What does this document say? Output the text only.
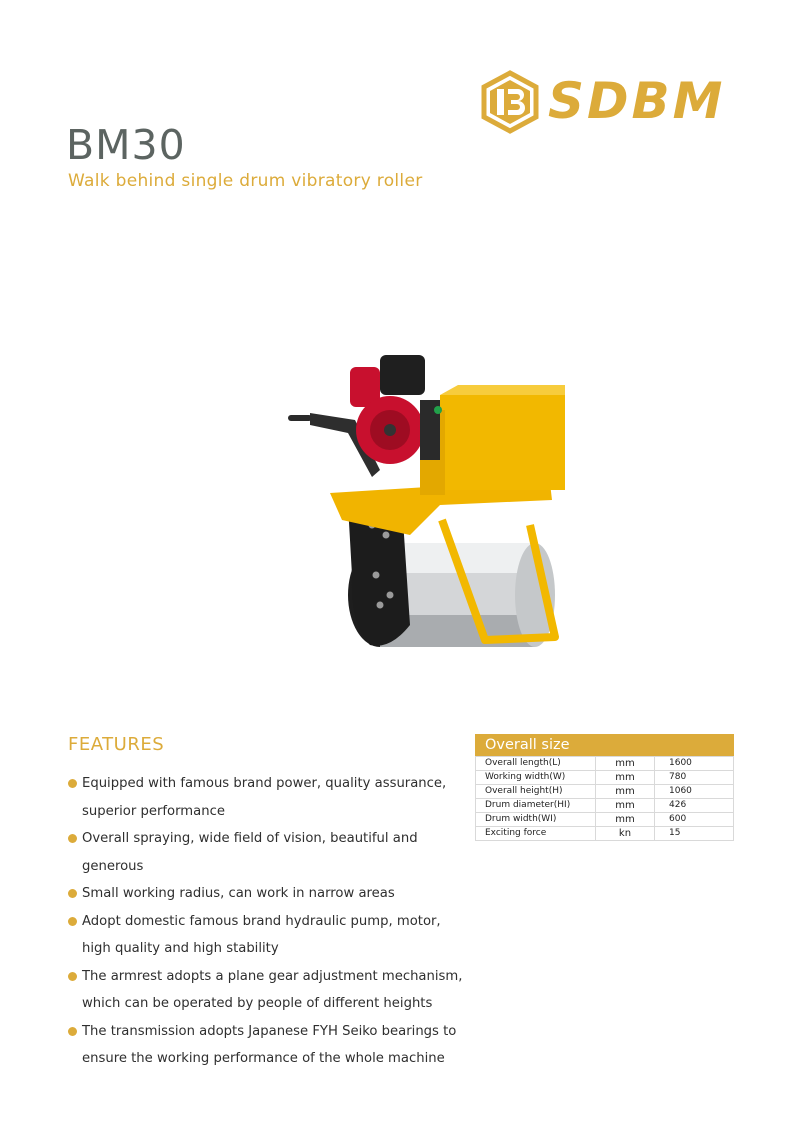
SDBM
BM30
Walk behind single drum vibratory roller
FEATURES
Equipped with famous brand power, quality assurance,
superior performance
Overall spraying, wide field of vision, beautiful and
generous
Small working radius, can work in narrow areas
Adopt domestic famous brand hydraulic pump, motor,
high quality and high stability
The armrest adopts a plane gear adjustment mechanism,
which can be operated by people of different heights
The transmission adopts Japanese FYH Seiko bearings to
ensure the working performance of the whole machine
Overall size
Overall length(L)	mm	1600
Working width(W)	mm	780
Overall height(H)	mm	1060
Drum diameter(HI)	mm	426
Drum width(WI)	mm	600
Exciting force	kn	15
